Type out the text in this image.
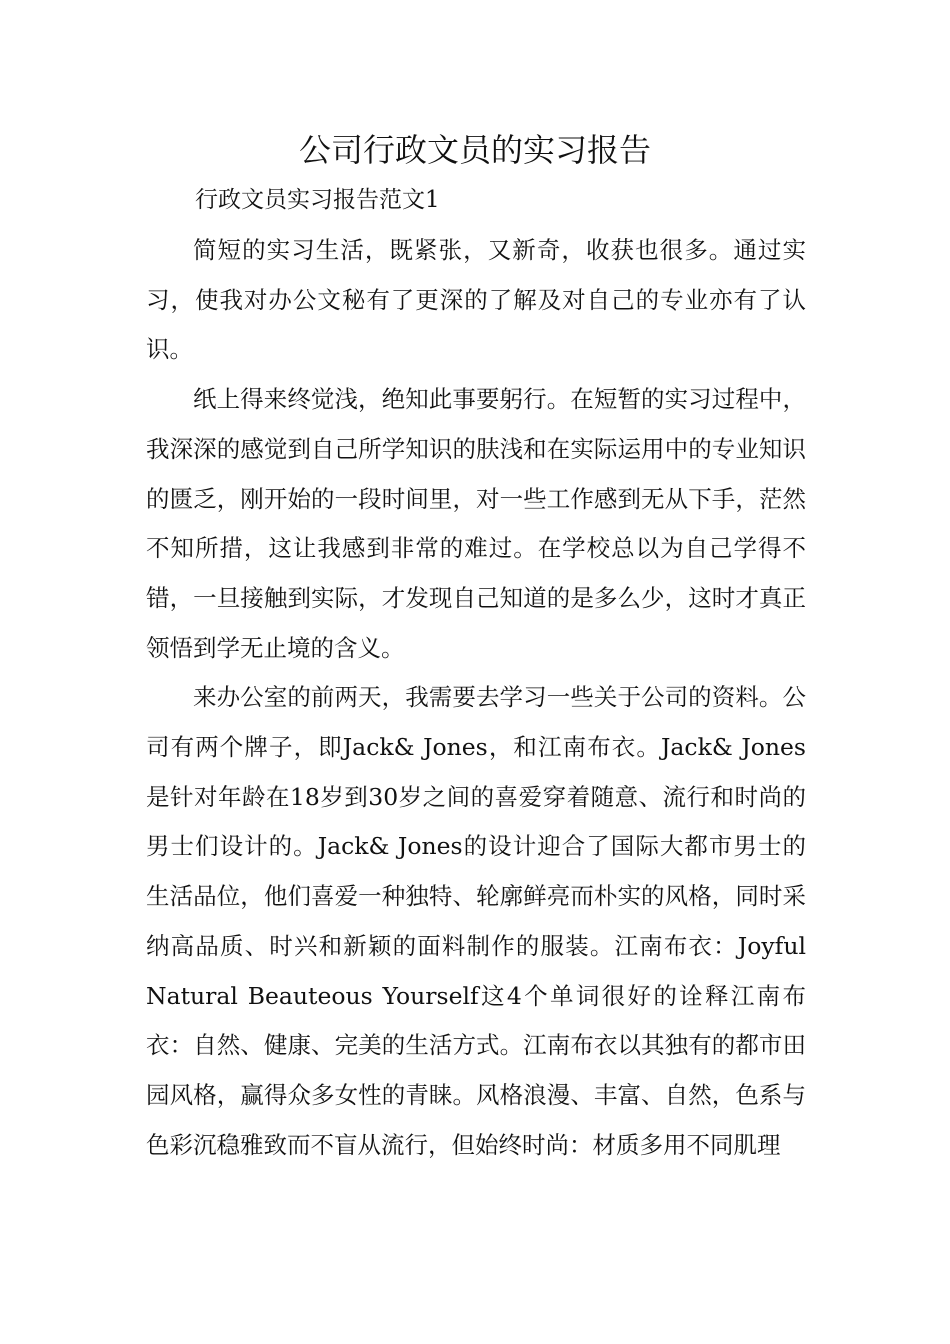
公司行政文员的实习报告

行政文员实习报告范文1

简短的实习生活，既紧张，又新奇，收获也很多。通过实习，使我对办公文秘有了更深的了解及对自己的专业亦有了认识。

纸上得来终觉浅，绝知此事要躬行。在短暂的实习过程中，我深深的感觉到自己所学知识的肤浅和在实际运用中的专业知识的匮乏，刚开始的一段时间里，对一些工作感到无从下手，茫然不知所措，这让我感到非常的难过。在学校总以为自己学得不错，一旦接触到实际，才发现自己知道的是多么少，这时才真正领悟到学无止境的含义。

来办公室的前两天，我需要去学习一些关于公司的资料。公司有两个牌子，即Jack& Jones，和江南布衣。Jack& Jones是针对年龄在18岁到30岁之间的喜爱穿着随意、流行和时尚的男士们设计的。Jack& Jones的设计迎合了国际大都市男士的生活品位，他们喜爱一种独特、轮廓鲜亮而朴实的风格，同时采纳高品质、时兴和新颖的面料制作的服装。江南布衣：Joyful Natural Beauteous Yourself这4个单词很好的诠释江南布衣：自然、健康、完美的生活方式。江南布衣以其独有的都市田园风格，赢得众多女性的青睐。风格浪漫、丰富、自然，色系与色彩沉稳雅致而不盲从流行，但始终时尚：材质多用不同肌理
